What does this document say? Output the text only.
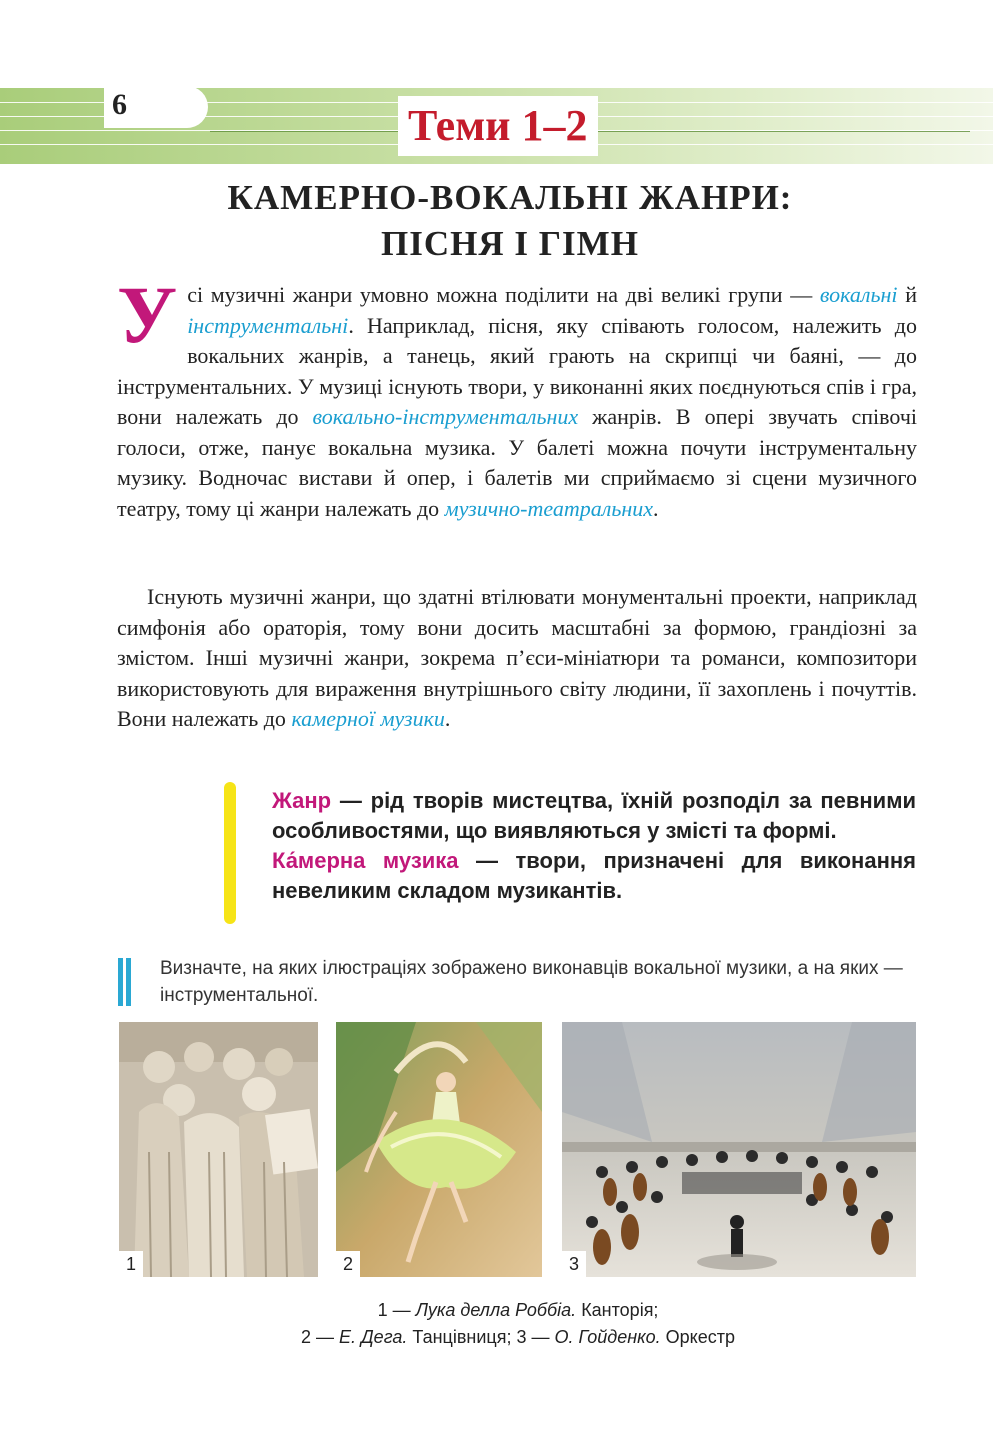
6	Теми 1–2
КАМЕРНО-ВОКАЛЬНІ ЖАНРИ:
ПІСНЯ І ГІМН

Усі музичні жанри умовно можна поділити на дві великі групи — вокальні й інструментальні. Наприклад, пісня, яку співають голосом, належить до вокальних жанрів, а танець, який грають на скрипці чи баяні, — до інструментальних. У музиці існують твори, у виконанні яких поєднуються спів і гра, вони належать до вокально-інструментальних жанрів. В опері звучать співочі голоси, отже, панує вокальна музика. У балеті можна почути інструментальну музику. Водночас вистави й опер, і балетів ми сприймаємо зі сцени музичного театру, тому ці жанри належать до музично-театральних.

Існують музичні жанри, що здатні втілювати монументальні проекти, наприклад симфонія або ораторія, тому вони досить масштабні за формою, грандіозні за змістом. Інші музичні жанри, зокрема п’єси-мініатюри та романси, композитори використовують для вираження внутрішнього світу людини, її захоплень і почуттів. Вони належать до камерної музики.

Жанр — рід творів мистецтва, їхній розподіл за певними особливостями, що виявляються у змісті та формі.

Ка́мерна музика — твори, призначені для виконання невеликим складом музикантів.

Визначте, на яких ілюстраціях зображено виконавців вокальної музики, а на яких — інструментальної.
1	2	3
1 — Лука делла Роббіа. Канторія;
2 — Е. Дега. Танцівниця; 3 — О. Гойденко. Оркестр
